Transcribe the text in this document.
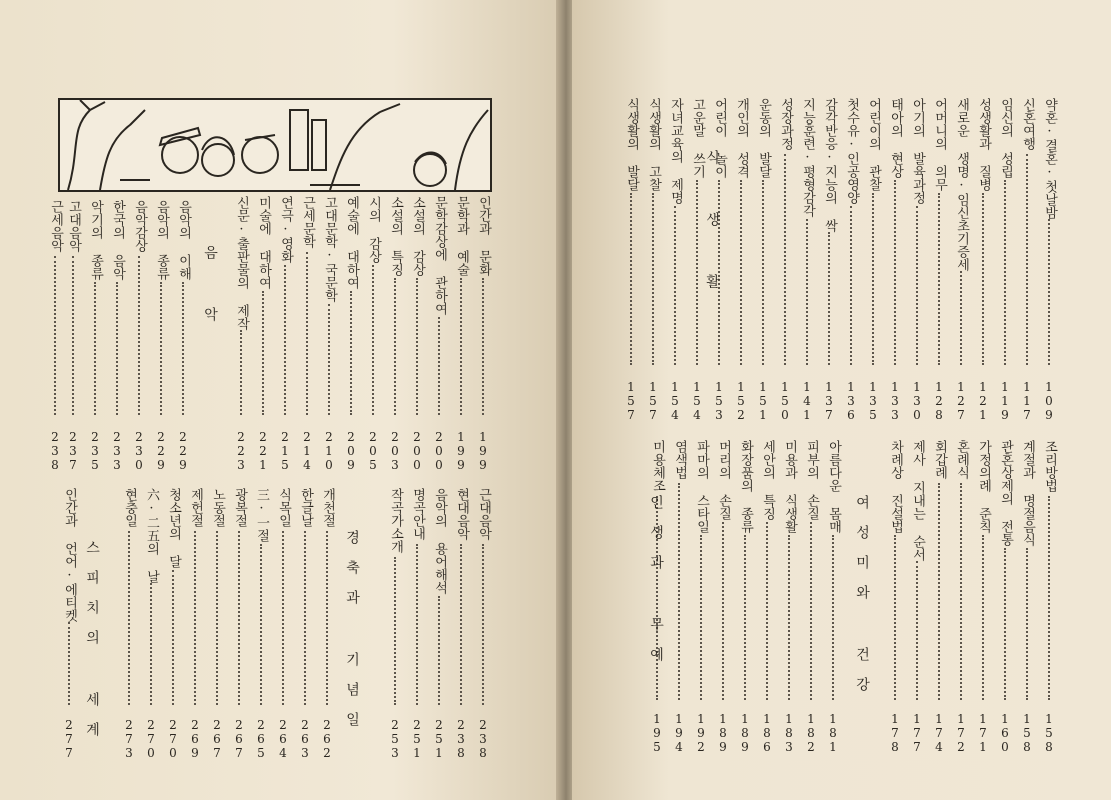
인간과 문화
199
문학과 예술
199
문학감상에 관하여
200
소설의 감상
200
소설의 특징
203
시의 감상
205
예술에 대하여
209
고대문학·국문학
210
근세문학
214
연극·영화
215
미술에 대하여
221
신문·출판물의 제작
223
음악의 이해
229
음악의 종류
229
음악감상
230
한국의 음악
233
악기의 종류
235
고대음악
237
근세음악
238
음 악
근대음악
238
현대음악
238
음악의 용어해석
251
명곡안내
251
작곡가소개
253
개천절
262
한글날
263
식목일
264
三·一절
265
광복절
267
노동절
267
제헌절
269
청소년의 달
270
六·二五의 날
270
현충일
273
인간과 언어·에티켓
277	경축과 기념일
스피치의 세계
약혼·결혼·첫날밤
109
신혼여행
117
임신의 성립
119
성생활과 질병
121
새로운 생명·임신초기증세
127
어머니의 의무
128
아기의 발육과정
130
태아의 현상
133
어린이의 관찰
135
첫수유·인공영양
136
감각반응·지능의 싹
137
지능훈련·평형감각
141
성장과정
150
운동의 발달
151
개인의 성격
152
어린이 놀이
153
고운말 쓰기
154
자녀교육의 제명
154
식생활의 고찰
157
식생활의 발달
157
식 생 활
조리방법
158
계절과 명절음식
158
관혼상제의 전통
160
가정의례 준칙
171
혼례식
172
회갑례
174
제사 지내는 순서
177
차례상 진설법
178
아름다운 몸매
181
피부의 손질
182
미용과 식생활
183
세안의 특징
186
화장품의 종류
189
머리의 손질
189
파마의 스타일
192
염색법
194
미용체조
195
여성미와 건강
인생과 무예
